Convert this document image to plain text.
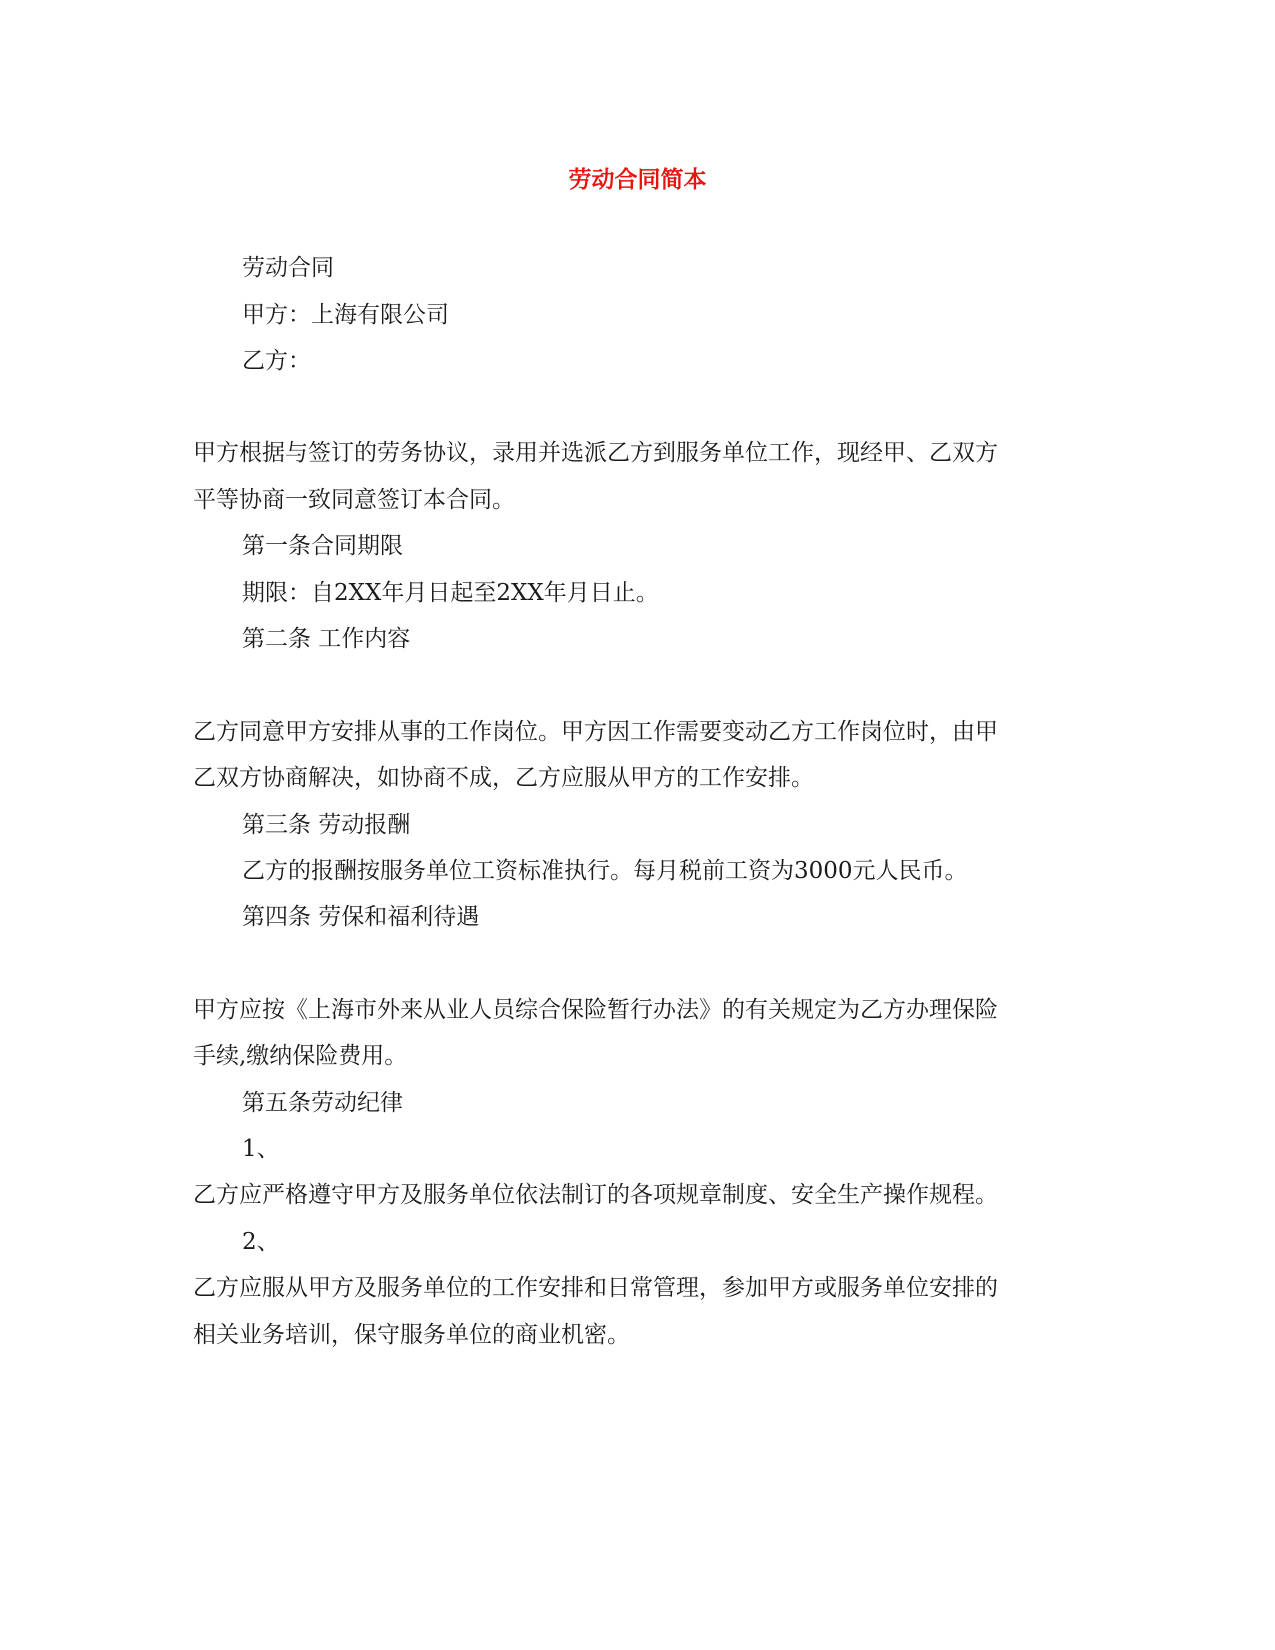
劳动合同简本

劳动合同

甲方：上海有限公司

乙方：

甲方根据与签订的劳务协议，录用并选派乙方到服务单位工作，现经甲、乙双方

平等协商一致同意签订本合同。

第一条合同期限

期限：自2XX年月日起至2XX年月日止。

第二条 工作内容

乙方同意甲方安排从事的工作岗位。甲方因工作需要变动乙方工作岗位时，由甲

乙双方协商解决，如协商不成，乙方应服从甲方的工作安排。

第三条 劳动报酬

乙方的报酬按服务单位工资标准执行。每月税前工资为3000元人民币。

第四条 劳保和福利待遇

甲方应按《上海市外来从业人员综合保险暂行办法》的有关规定为乙方办理保险

手续,缴纳保险费用。

第五条劳动纪律

1、

乙方应严格遵守甲方及服务单位依法制订的各项规章制度、安全生产操作规程。

2、

乙方应服从甲方及服务单位的工作安排和日常管理，参加甲方或服务单位安排的

相关业务培训，保守服务单位的商业机密。
